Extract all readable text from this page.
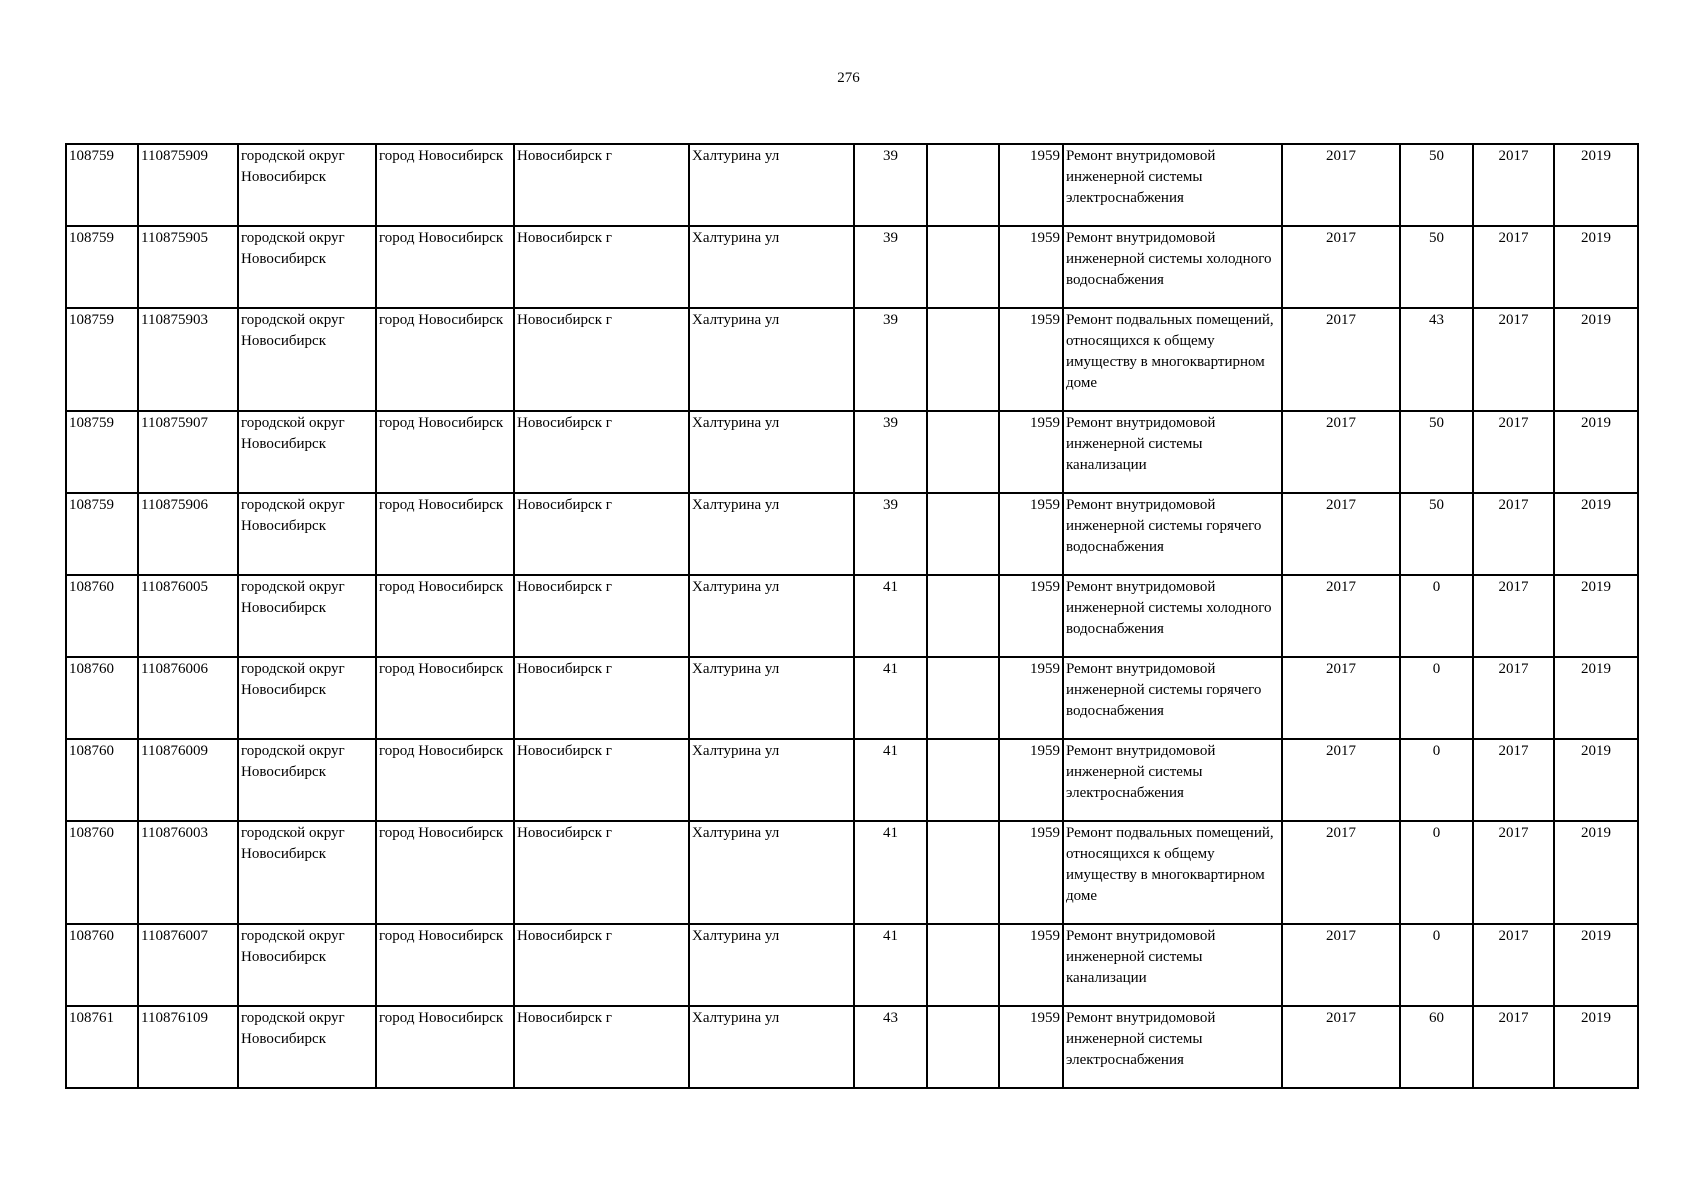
276
108759	110875909	городской округ Новосибирск	город Новосибирск	Новосибирск г	Халтурина ул	39		1959	Ремонт внутридомовой инженерной системы электроснабжения	2017	50	2017	2019
108759	110875905	городской округ Новосибирск	город Новосибирск	Новосибирск г	Халтурина ул	39		1959	Ремонт внутридомовой инженерной системы холодного водоснабжения	2017	50	2017	2019
108759	110875903	городской округ Новосибирск	город Новосибирск	Новосибирск г	Халтурина ул	39		1959	Ремонт подвальных помещений, относящихся к общему имуществу в многоквартирном доме	2017	43	2017	2019
108759	110875907	городской округ Новосибирск	город Новосибирск	Новосибирск г	Халтурина ул	39		1959	Ремонт внутридомовой инженерной системы канализации	2017	50	2017	2019
108759	110875906	городской округ Новосибирск	город Новосибирск	Новосибирск г	Халтурина ул	39		1959	Ремонт внутридомовой инженерной системы горячего водоснабжения	2017	50	2017	2019
108760	110876005	городской округ Новосибирск	город Новосибирск	Новосибирск г	Халтурина ул	41		1959	Ремонт внутридомовой инженерной системы холодного водоснабжения	2017	0	2017	2019
108760	110876006	городской округ Новосибирск	город Новосибирск	Новосибирск г	Халтурина ул	41		1959	Ремонт внутридомовой инженерной системы горячего водоснабжения	2017	0	2017	2019
108760	110876009	городской округ Новосибирск	город Новосибирск	Новосибирск г	Халтурина ул	41		1959	Ремонт внутридомовой инженерной системы электроснабжения	2017	0	2017	2019
108760	110876003	городской округ Новосибирск	город Новосибирск	Новосибирск г	Халтурина ул	41		1959	Ремонт подвальных помещений, относящихся к общему имуществу в многоквартирном доме	2017	0	2017	2019
108760	110876007	городской округ Новосибирск	город Новосибирск	Новосибирск г	Халтурина ул	41		1959	Ремонт внутридомовой инженерной системы канализации	2017	0	2017	2019
108761	110876109	городской округ Новосибирск	город Новосибирск	Новосибирск г	Халтурина ул	43		1959	Ремонт внутридомовой инженерной системы электроснабжения	2017	60	2017	2019
